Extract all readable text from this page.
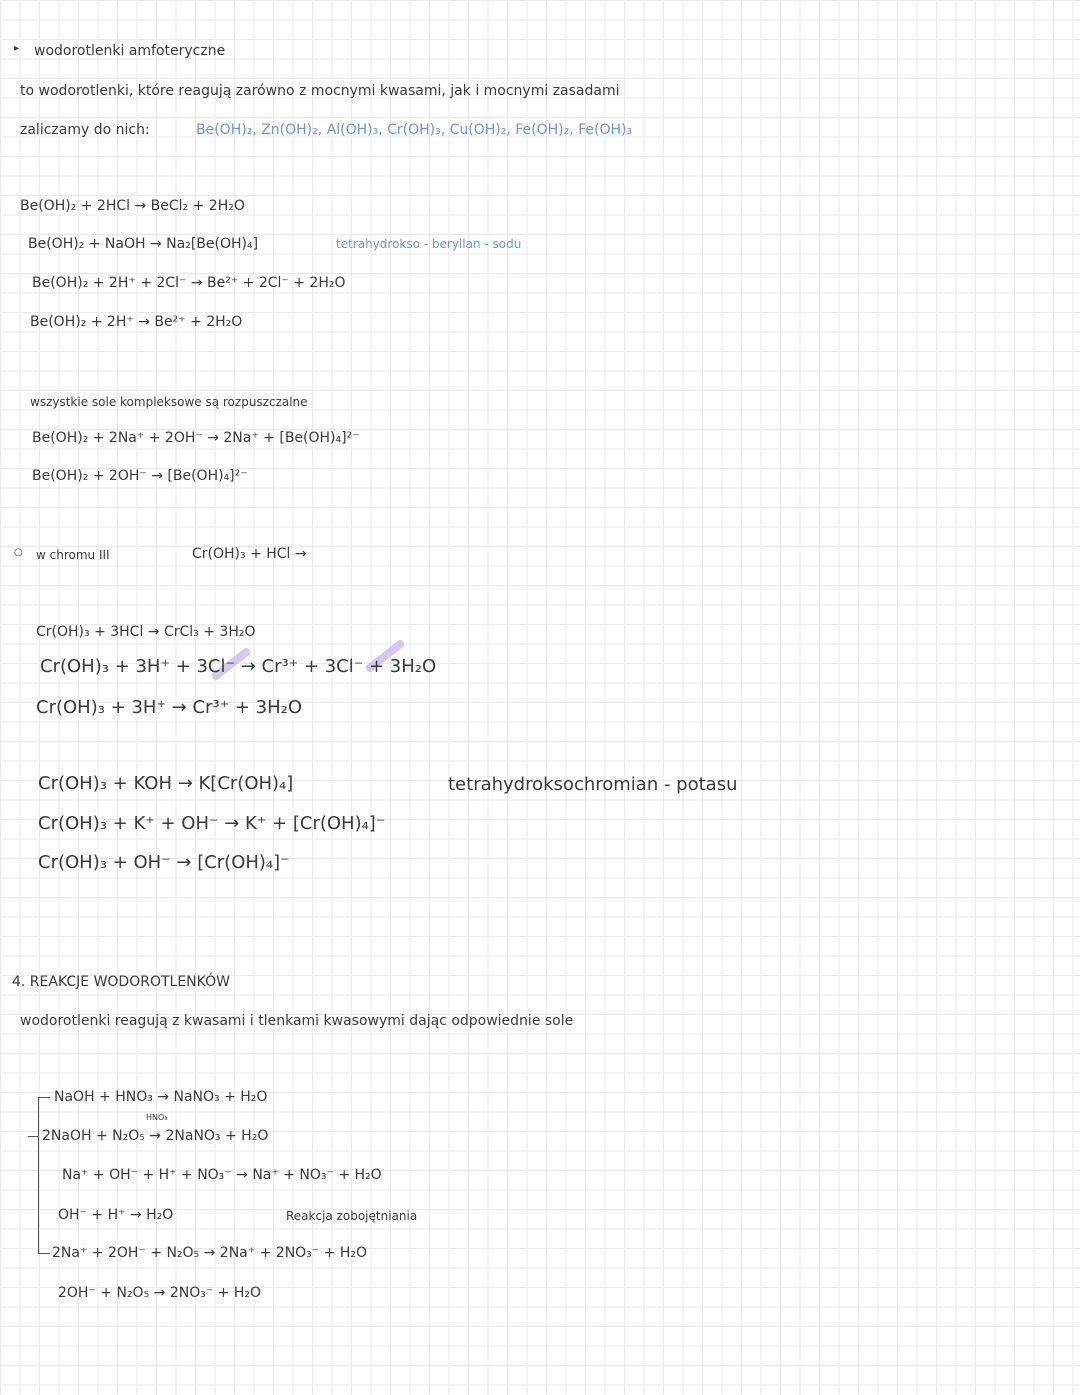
▸ wodorotlenki amfoteryczne
to wodorotlenki, które reagują zarówno z mocnymi kwasami, jak i mocnymi zasadami
zaliczamy do nich:	Be(OH)₂, Zn(OH)₂, Al(OH)₃, Cr(OH)₃, Cu(OH)₂, Fe(OH)₂, Fe(OH)₃
Be(OH)₂ + 2HCl → BeCl₂ + 2H₂O
Be(OH)₂ + NaOH → Na₂[Be(OH)₄]	tetrahydrokso - beryllan - sodu
Be(OH)₂ + 2H⁺ + 2Cl⁻ → Be²⁺ + 2Cl⁻ + 2H₂O
Be(OH)₂ + 2H⁺ → Be²⁺ + 2H₂O
wszystkie sole kompleksowe są rozpuszczalne
Be(OH)₂ + 2Na⁺ + 2OH⁻ → 2Na⁺ + [Be(OH)₄]²⁻
Be(OH)₂ + 2OH⁻ → [Be(OH)₄]²⁻
○ w chromu III	Cr(OH)₃ + HCl →
Cr(OH)₃ + 3HCl → CrCl₃ + 3H₂O
Cr(OH)₃ + 3H⁺ + 3Cl⁻ → Cr³⁺ + 3Cl⁻ + 3H₂O
Cr(OH)₃ + 3H⁺ → Cr³⁺ + 3H₂O
Cr(OH)₃ + KOH → K[Cr(OH)₄]	tetrahydroksochromian - potasu
Cr(OH)₃ + K⁺ + OH⁻ → K⁺ + [Cr(OH)₄]⁻
Cr(OH)₃ + OH⁻ → [Cr(OH)₄]⁻
4. REAKCJE WODOROTLENKÓW
wodorotlenki reagują z kwasami i tlenkami kwasowymi dając odpowiednie sole
NaOH + HNO₃ → NaNO₃ + H₂O
HNO₃
2NaOH + N₂O₅ → 2NaNO₃ + H₂O
Na⁺ + OH⁻ + H⁺ + NO₃⁻ → Na⁺ + NO₃⁻ + H₂O
OH⁻ + H⁺ → H₂O	Reakcja zobojętniania
2Na⁺ + 2OH⁻ + N₂O₅ → 2Na⁺ + 2NO₃⁻ + H₂O
2OH⁻ + N₂O₅ → 2NO₃⁻ + H₂O
